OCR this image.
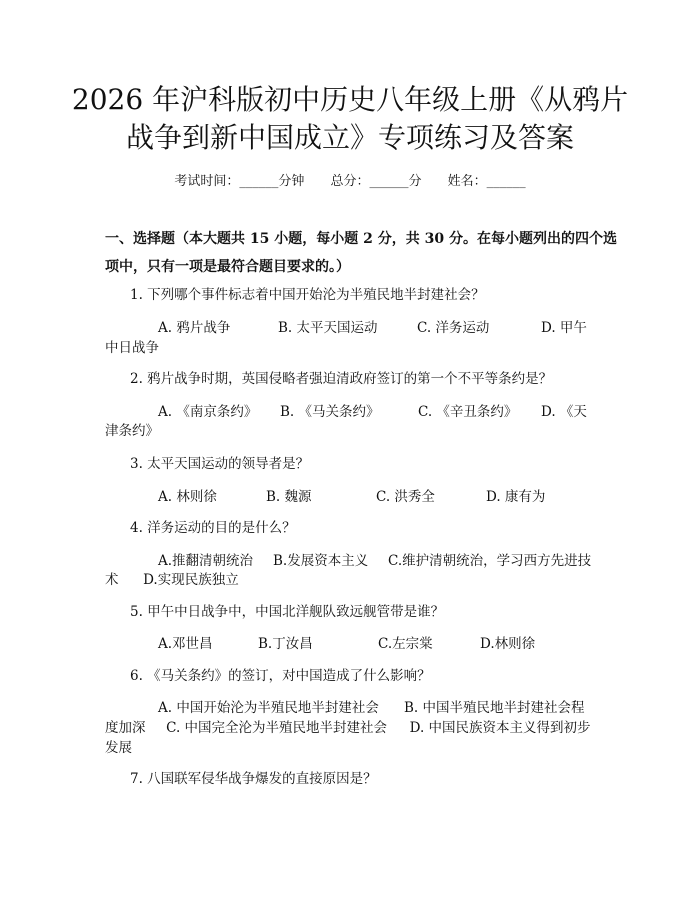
2026 年沪科版初中历史八年级上册《从鸦片
战争到新中国成立》专项练习及答案
考试时间：______分钟 总分：______分 姓名：______
一、选择题（本大题共 15 小题，每小题 2 分，共 30 分。在每小题列出的四个选
项中，只有一项是最符合题目要求的。）
1. 下列哪个事件标志着中国开始沦为半殖民地半封建社会？
A. 鸦片战争	B. 太平天国运动	C. 洋务运动	D. 甲午
中日战争
2. 鸦片战争时期，英国侵略者强迫清政府签订的第一个不平等条约是？
A. 《南京条约》 B. 《马关条约》	C. 《辛丑条约》 D. 《天
津条约》
3. 太平天国运动的领导者是？
A. 林则徐	B. 魏源	C. 洪秀全	D. 康有为
4. 洋务运动的目的是什么？
A.推翻清朝统治 B.发展资本主义 C.维护清朝统治，学习西方先进技
术 D.实现民族独立
5. 甲午中日战争中，中国北洋舰队致远舰管带是谁？
A.邓世昌	B.丁汝昌	C.左宗棠	D.林则徐
6. 《马关条约》的签订，对中国造成了什么影响？
A. 中国开始沦为半殖民地半封建社会 B. 中国半殖民地半封建社会程
度加深 C. 中国完全沦为半殖民地半封建社会 D. 中国民族资本主义得到初步
发展
7. 八国联军侵华战争爆发的直接原因是？
